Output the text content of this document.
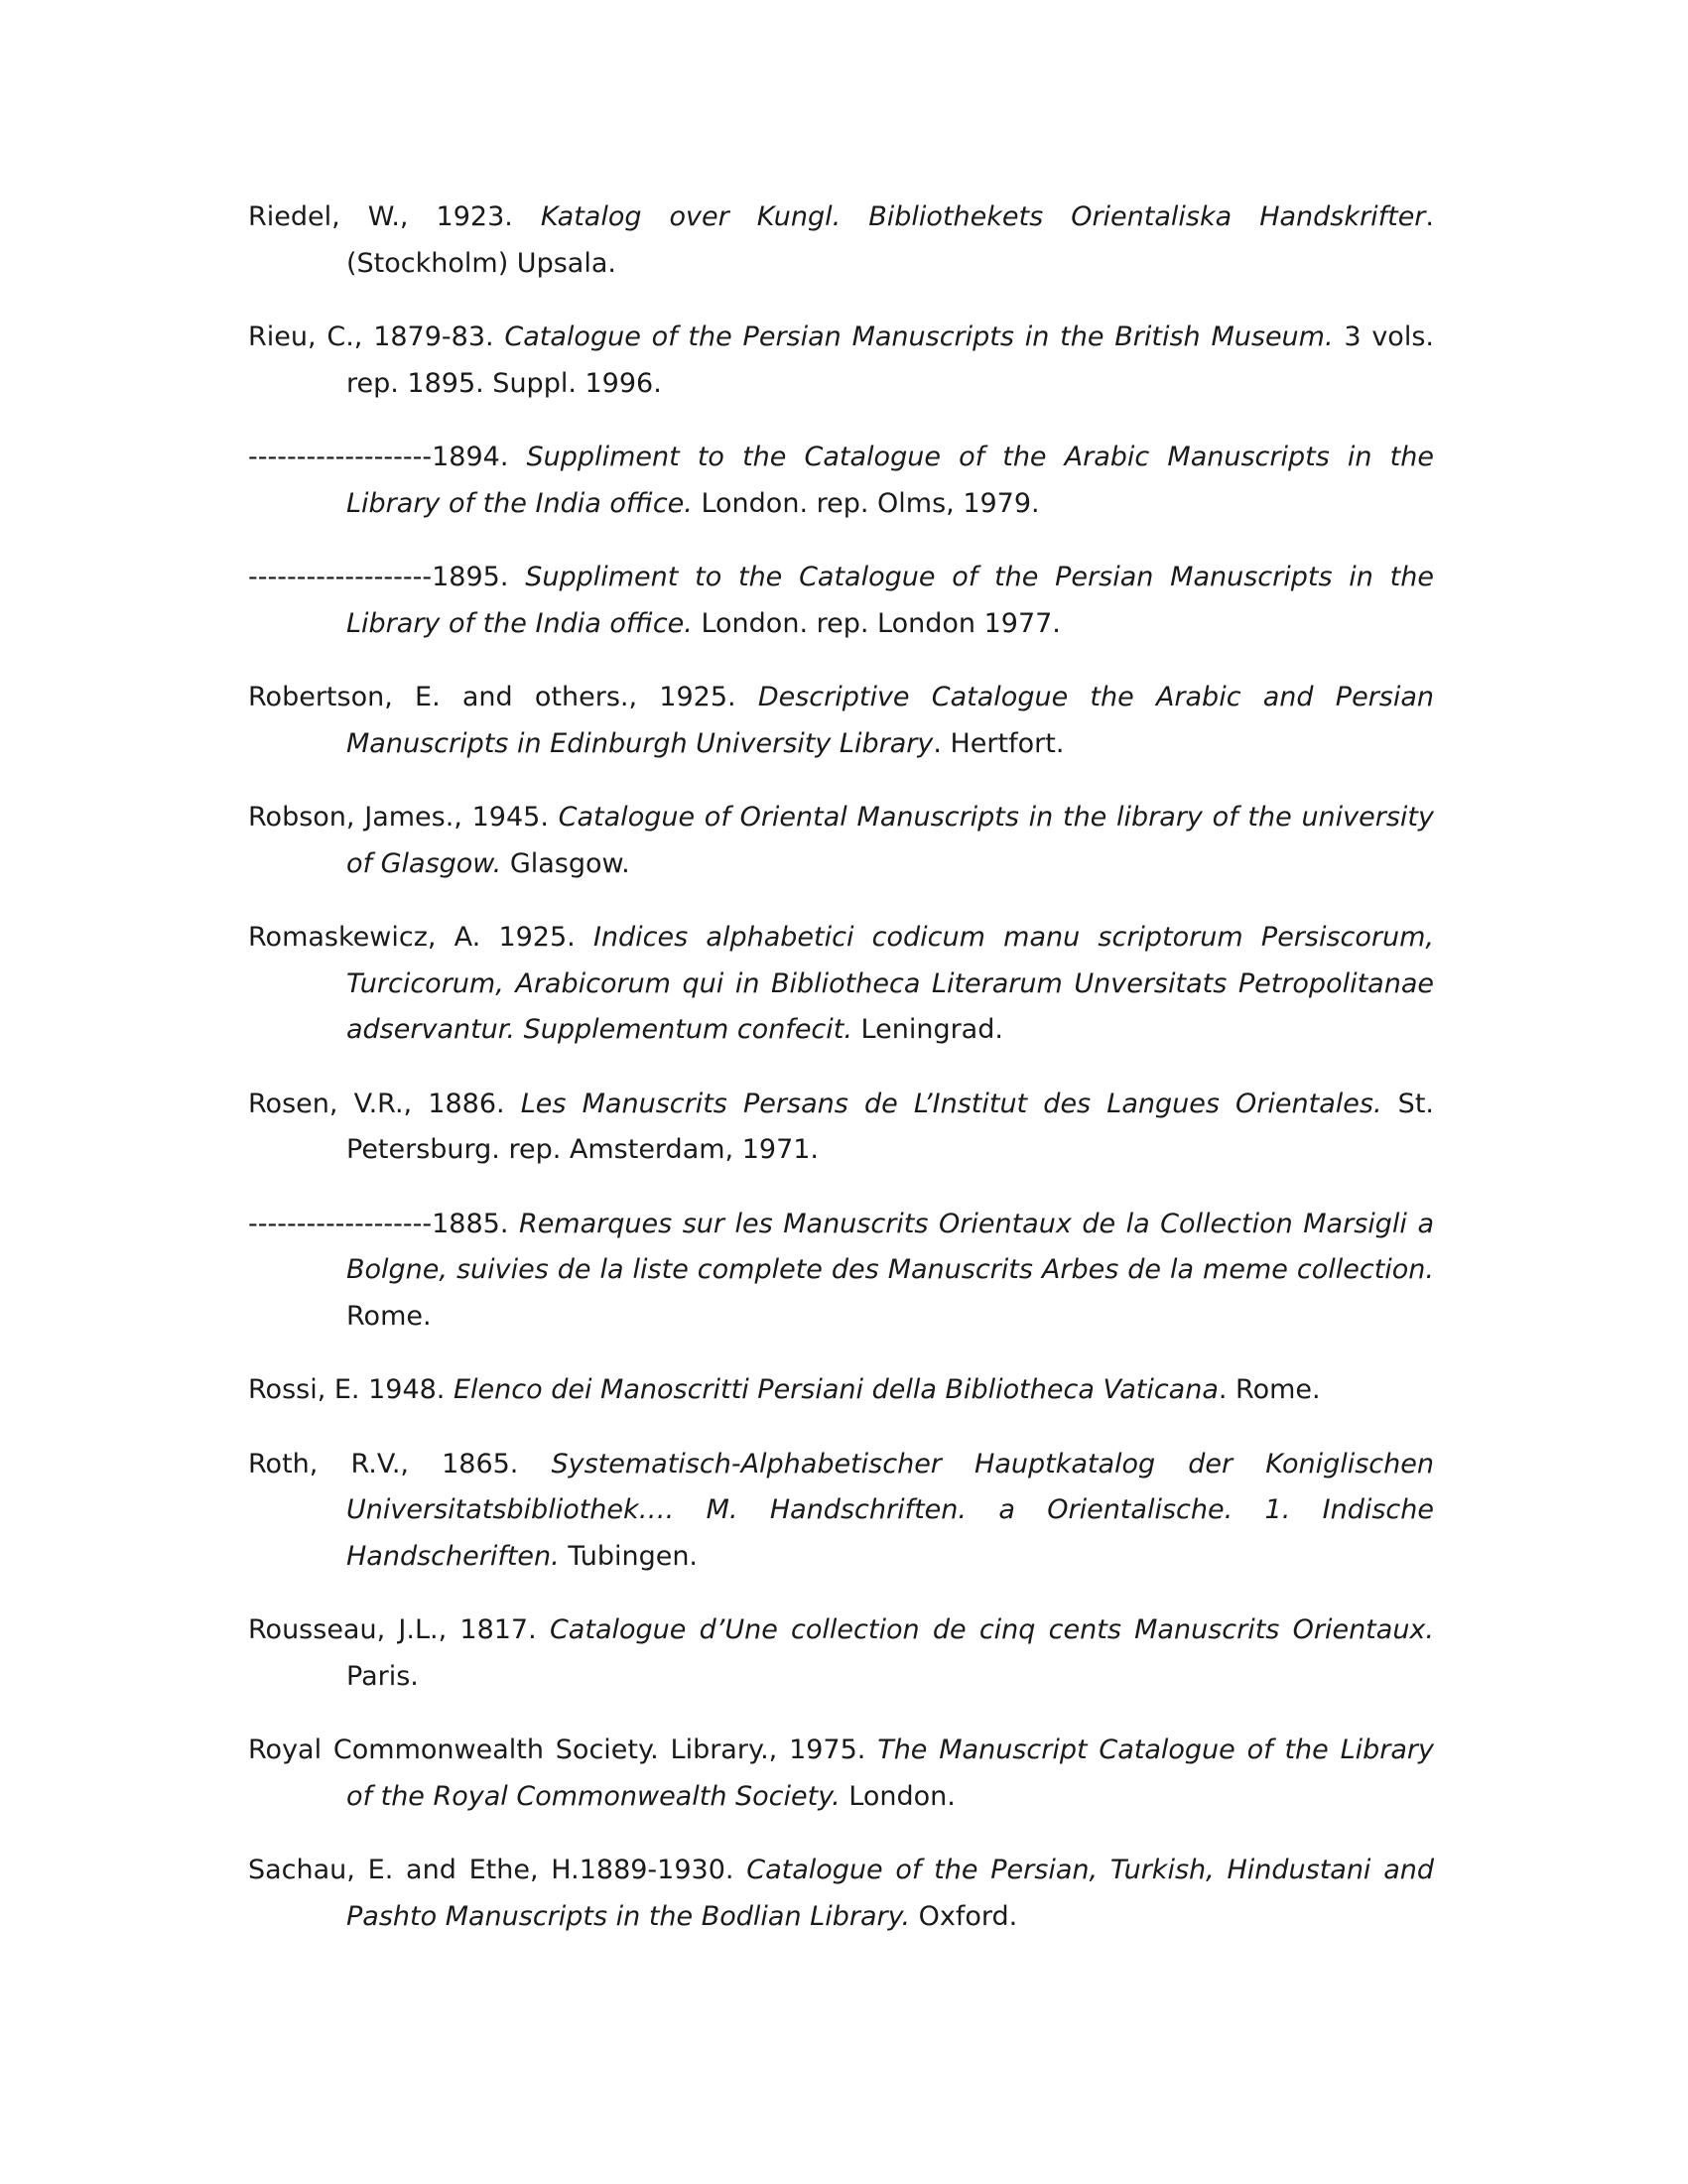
Riedel, W., 1923. Katalog over Kungl. Bibliothekets Orientaliska Handskrifter. (Stockholm) Upsala.
Rieu, C., 1879-83. Catalogue of the Persian Manuscripts in the British Museum. 3 vols. rep. 1895. Suppl. 1996.
-------------------1894. Suppliment to the Catalogue of the Arabic Manuscripts in the Library of the India office. London. rep. Olms, 1979.
-------------------1895. Suppliment to the Catalogue of the Persian Manuscripts in the Library of the India office. London. rep. London 1977.
Robertson, E. and others., 1925. Descriptive Catalogue the Arabic and Persian Manuscripts in Edinburgh University Library. Hertfort.
Robson, James., 1945. Catalogue of Oriental Manuscripts in the library of the university of Glasgow. Glasgow.
Romaskewicz, A. 1925. Indices alphabetici codicum manu scriptorum Persiscorum, Turcicorum, Arabicorum qui in Bibliotheca Literarum Unversitats Petropolitanae adservantur. Supplementum confecit. Leningrad.
Rosen, V.R., 1886. Les Manuscrits Persans de L’Institut des Langues Orientales. St. Petersburg. rep. Amsterdam, 1971.
-------------------1885. Remarques sur les Manuscrits Orientaux de la Collection Marsigli a Bolgne, suivies de la liste complete des Manuscrits Arbes de la meme collection. Rome.
Rossi, E. 1948. Elenco dei Manoscritti Persiani della Bibliotheca Vaticana. Rome.
Roth, R.V., 1865. Systematisch-Alphabetischer Hauptkatalog der Koniglischen Universitatsbibliothek…. M. Handschriften. a Orientalische. 1. Indische Handscheriften. Tubingen.
Rousseau, J.L., 1817. Catalogue d’Une collection de cinq cents Manuscrits Orientaux. Paris.
Royal Commonwealth Society. Library., 1975. The Manuscript Catalogue of the Library of the Royal Commonwealth Society. London.
Sachau, E. and Ethe, H.1889-1930. Catalogue of the Persian, Turkish, Hindustani and Pashto Manuscripts in the Bodlian Library. Oxford.
